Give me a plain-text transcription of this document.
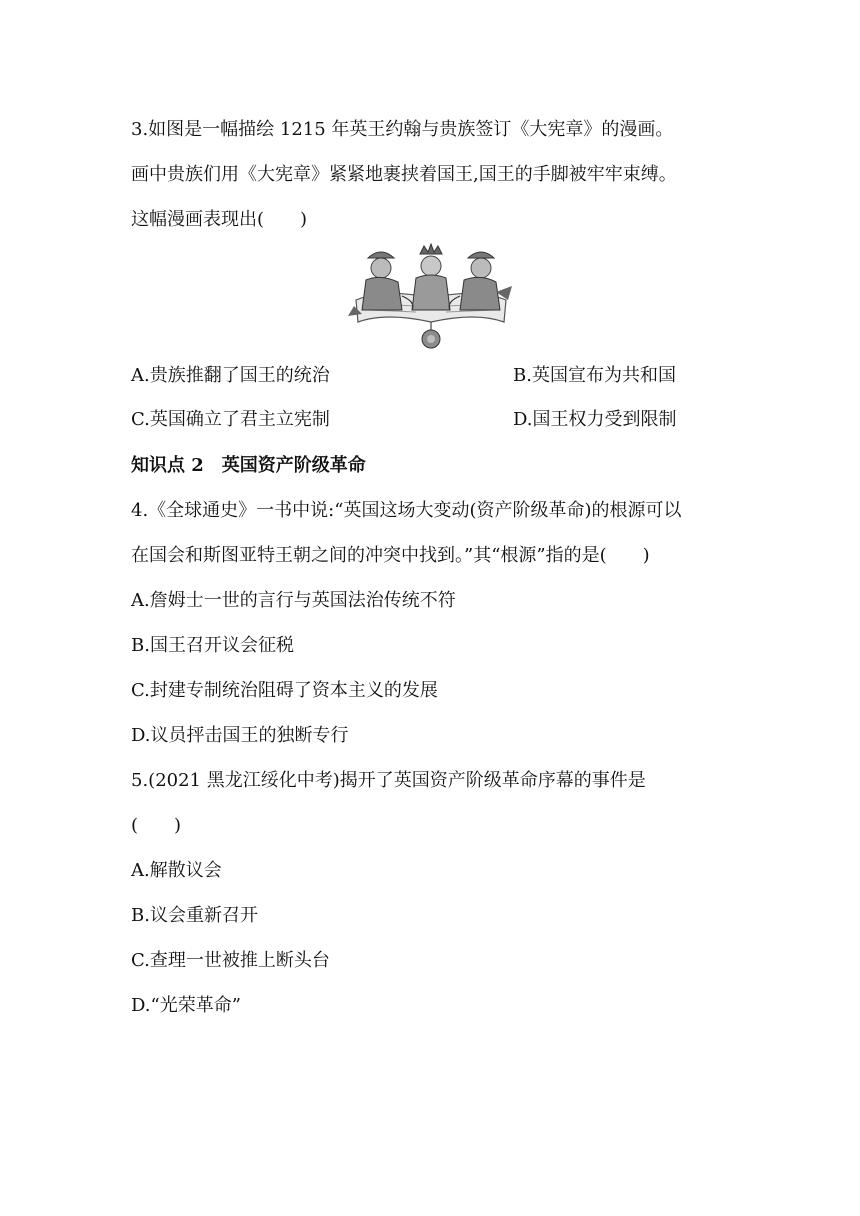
3.如图是一幅描绘 1215 年英王约翰与贵族签订《大宪章》的漫画。
画中贵族们用《大宪章》紧紧地裹挟着国王,国王的手脚被牢牢束缚。
这幅漫画表现出(　　)
A.贵族推翻了国王的统治	B.英国宣布为共和国
C.英国确立了君主立宪制	D.国王权力受到限制
知识点 2　英国资产阶级革命
4.《全球通史》一书中说:“英国这场大变动(资产阶级革命)的根源可以
在国会和斯图亚特王朝之间的冲突中找到。”其“根源”指的是(　　)
A.詹姆士一世的言行与英国法治传统不符
B.国王召开议会征税
C.封建专制统治阻碍了资本主义的发展
D.议员抨击国王的独断专行
5.(2021 黑龙江绥化中考)揭开了英国资产阶级革命序幕的事件是
(　　)
A.解散议会
B.议会重新召开
C.查理一世被推上断头台
D.“光荣革命”
